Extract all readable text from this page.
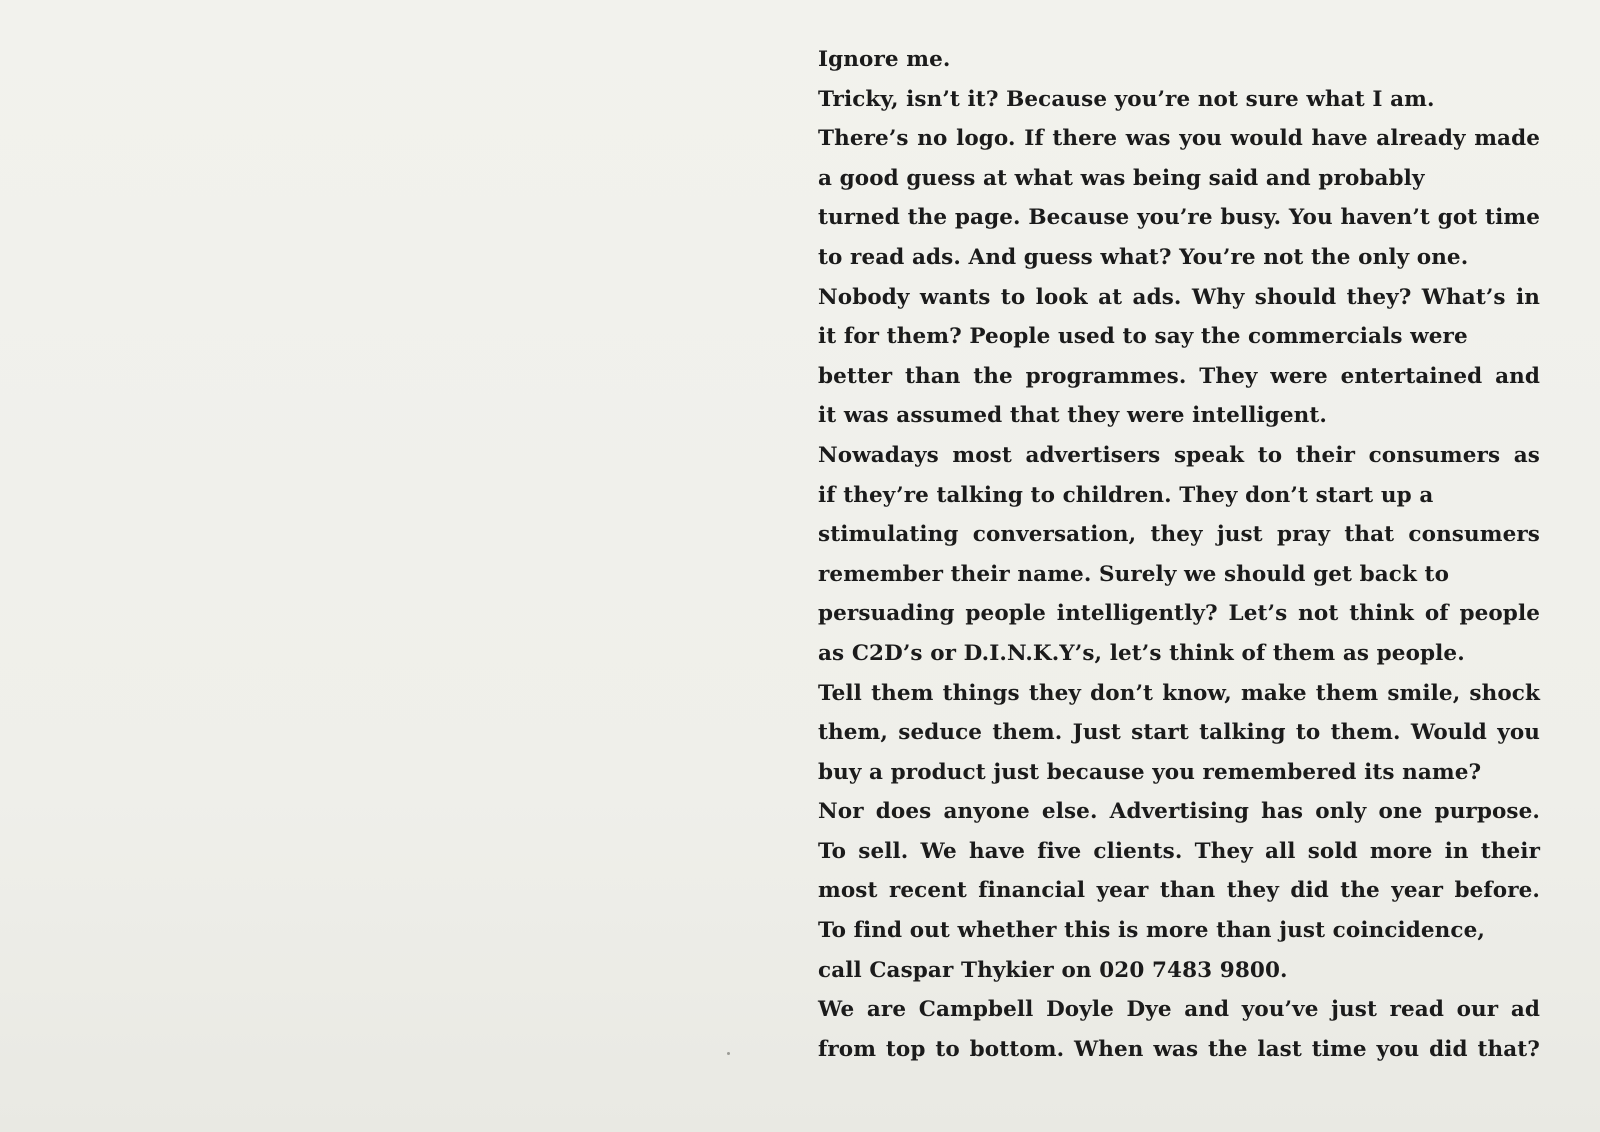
Ignore me.
Tricky, isn’t it? Because you’re not sure what I am.
There’s no logo. If there was you would have already made
a good guess at what was being said and probably
turned the page. Because you’re busy. You haven’t got time
to read ads. And guess what? You’re not the only one.
Nobody wants to look at ads. Why should they? What’s in
it for them? People used to say the commercials were
better than the programmes. They were entertained and
it was assumed that they were intelligent.
Nowadays most advertisers speak to their consumers as
if they’re talking to children. They don’t start up a
stimulating conversation, they just pray that consumers
remember their name. Surely we should get back to
persuading people intelligently? Let’s not think of people
as C2D’s or D.I.N.K.Y’s, let’s think of them as people.
Tell them things they don’t know, make them smile, shock
them, seduce them. Just start talking to them. Would you
buy a product just because you remembered its name?
Nor does anyone else. Advertising has only one purpose.
To sell. We have five clients. They all sold more in their
most recent financial year than they did the year before.
To find out whether this is more than just coincidence,
call Caspar Thykier on 020 7483 9800.
We are Campbell Doyle Dye and you’ve just read our ad
from top to bottom. When was the last time you did that?
